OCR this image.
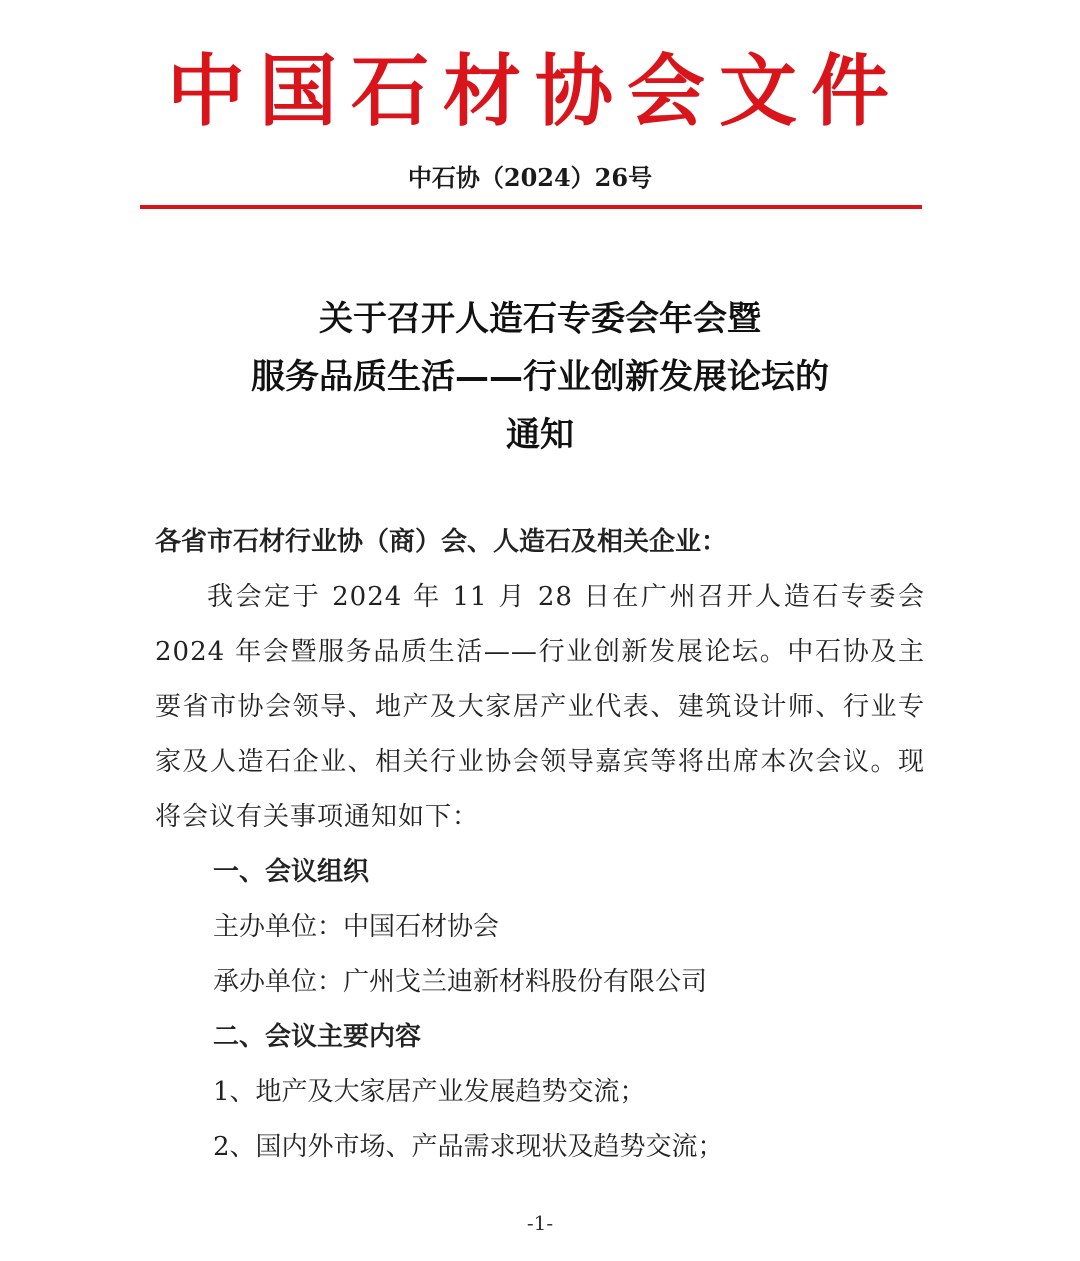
中国石材协会文件
中石协（2024）26号
关于召开人造石专委会年会暨
服务品质生活——行业创新发展论坛的
通知
各省市石材行业协（商）会、人造石及相关企业：
我会定于 2024 年 11 月 28 日在广州召开人造石专委会 2024 年会暨服务品质生活——行业创新发展论坛。中石协及主要省市协会领导、地产及大家居产业代表、建筑设计师、行业专家及人造石企业、相关行业协会领导嘉宾等将出席本次会议。现将会议有关事项通知如下：
一、会议组织
主办单位：中国石材协会
承办单位：广州戈兰迪新材料股份有限公司
二、会议主要内容
1、地产及大家居产业发展趋势交流；
2、国内外市场、产品需求现状及趋势交流；
-1-
